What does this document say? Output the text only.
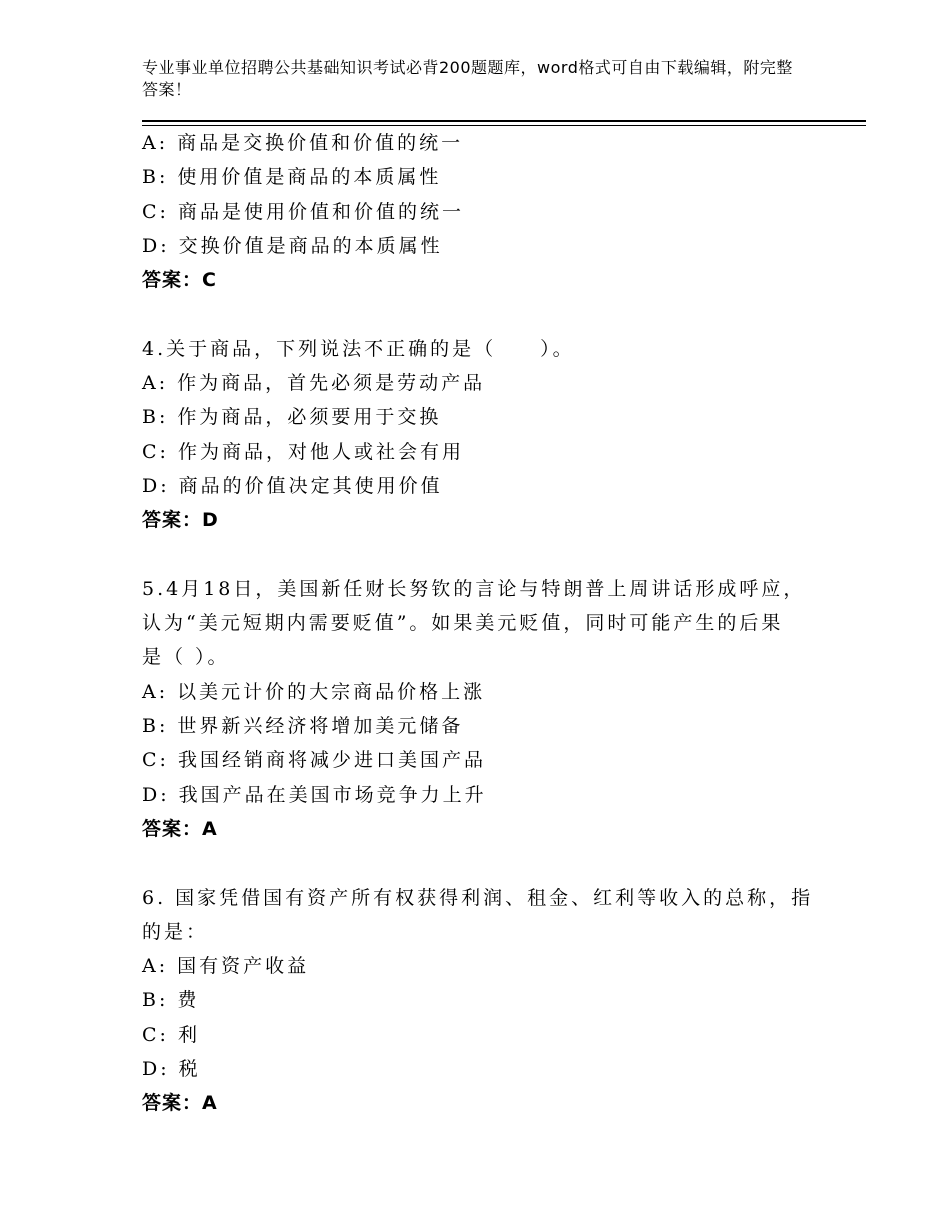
专业事业单位招聘公共基础知识考试必背200题题库，word格式可自由下载编辑，附完整答案！
A: 商品是交换价值和价值的统一
B: 使用价值是商品的本质属性
C: 商品是使用价值和价值的统一
D: 交换价值是商品的本质属性
答案：C
4.关于商品，下列说法不正确的是（　　）。
A: 作为商品，首先必须是劳动产品
B: 作为商品，必须要用于交换
C: 作为商品，对他人或社会有用
D: 商品的价值决定其使用价值
答案：D
5.4月18日，美国新任财长努钦的言论与特朗普上周讲话形成呼应，
认为“美元短期内需要贬值”。如果美元贬值，同时可能产生的后果
是（ ）。
A: 以美元计价的大宗商品价格上涨
B: 世界新兴经济将增加美元储备
C: 我国经销商将减少进口美国产品
D: 我国产品在美国市场竞争力上升
答案：A
6. 国家凭借国有资产所有权获得利润、租金、红利等收入的总称，指
的是：
A: 国有资产收益
B: 费
C: 利
D: 税
答案：A
